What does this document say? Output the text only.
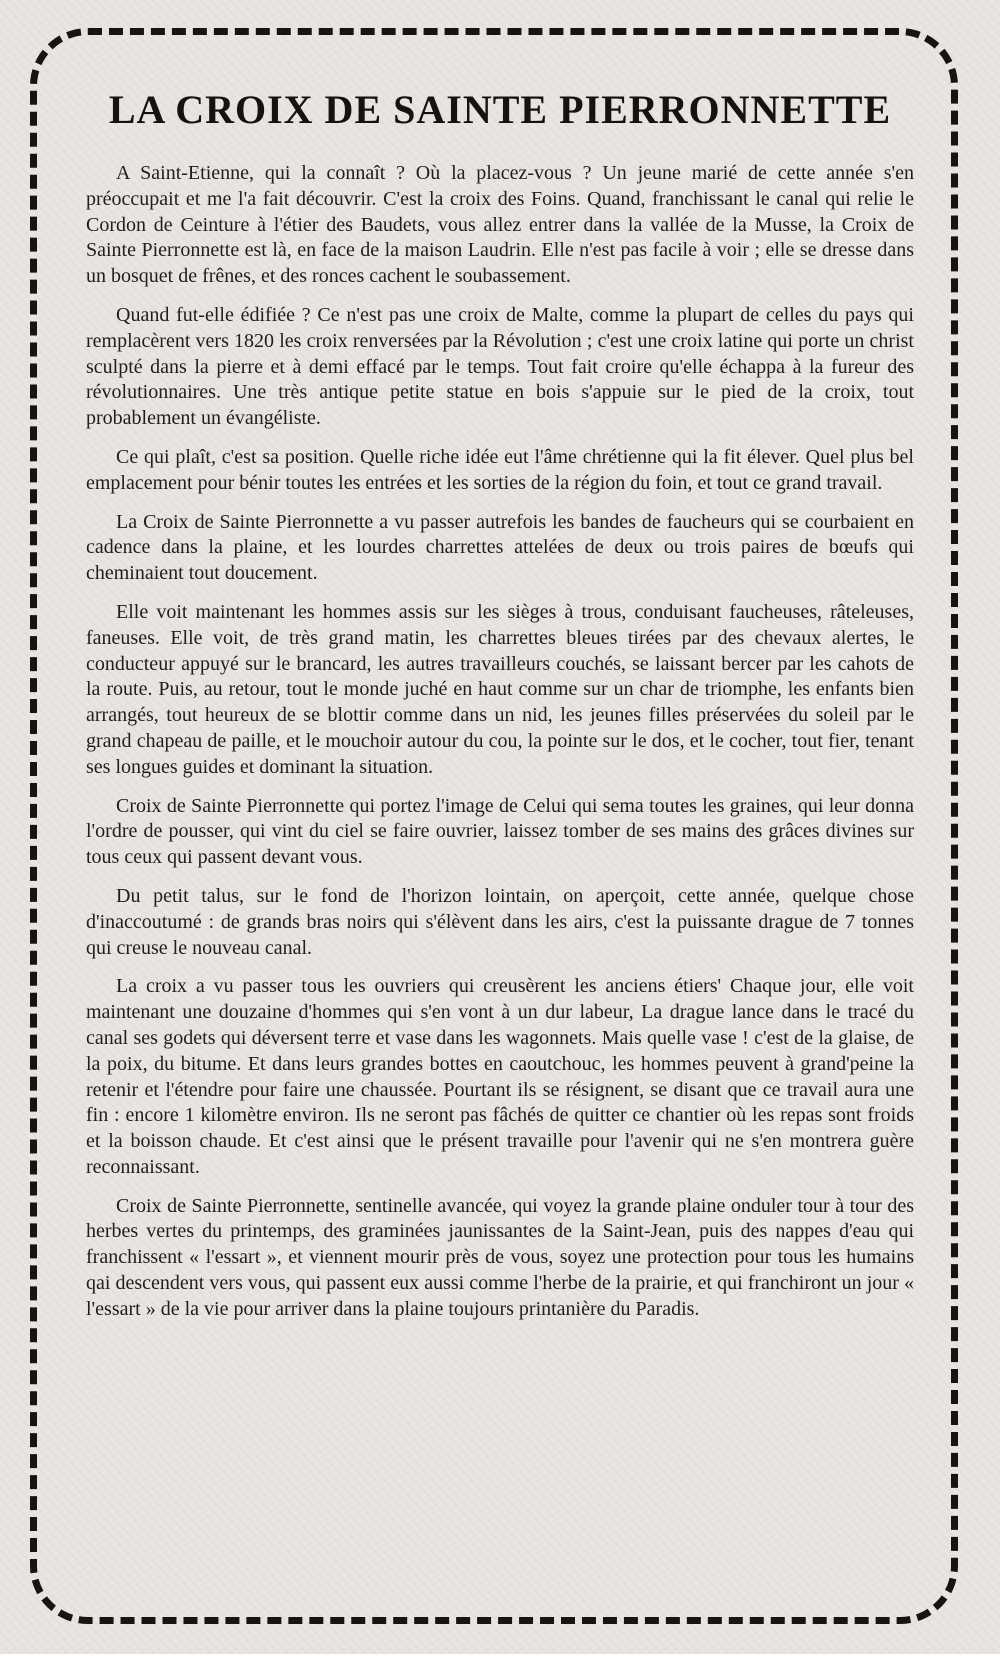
LA CROIX DE SAINTE PIERRONNETTE

A Saint-Etienne, qui la connaît ? Où la placez-vous ? Un jeune marié de cette année s'en préoccupait et me l'a fait découvrir. C'est la croix des Foins. Quand, franchissant le canal qui relie le Cordon de Ceinture à l'étier des Baudets, vous allez entrer dans la vallée de la Musse, la Croix de Sainte Pierronnette est là, en face de la maison Laudrin. Elle n'est pas facile à voir ; elle se dresse dans un bosquet de frênes, et des ronces cachent le soubassement.

Quand fut-elle édifiée ? Ce n'est pas une croix de Malte, comme la plupart de celles du pays qui remplacèrent vers 1820 les croix renversées par la Révolution ; c'est une croix latine qui porte un christ sculpté dans la pierre et à demi effacé par le temps. Tout fait croire qu'elle échappa à la fureur des révolutionnaires. Une très antique petite statue en bois s'appuie sur le pied de la croix, tout probablement un évangéliste.

Ce qui plaît, c'est sa position. Quelle riche idée eut l'âme chrétienne qui la fit élever. Quel plus bel emplacement pour bénir toutes les entrées et les sorties de la région du foin, et tout ce grand travail.

La Croix de Sainte Pierronnette a vu passer autrefois les bandes de faucheurs qui se courbaient en cadence dans la plaine, et les lourdes charrettes attelées de deux ou trois paires de bœufs qui cheminaient tout doucement.

Elle voit maintenant les hommes assis sur les sièges à trous, conduisant faucheuses, râteleuses, faneuses. Elle voit, de très grand matin, les charrettes bleues tirées par des chevaux alertes, le conducteur appuyé sur le brancard, les autres travailleurs couchés, se laissant bercer par les cahots de la route. Puis, au retour, tout le monde juché en haut comme sur un char de triomphe, les enfants bien arrangés, tout heureux de se blottir comme dans un nid, les jeunes filles préservées du soleil par le grand chapeau de paille, et le mouchoir autour du cou, la pointe sur le dos, et le cocher, tout fier, tenant ses longues guides et dominant la situation.

Croix de Sainte Pierronnette qui portez l'image de Celui qui sema toutes les graines, qui leur donna l'ordre de pousser, qui vint du ciel se faire ouvrier, laissez tomber de ses mains des grâces divines sur tous ceux qui passent devant vous.

Du petit talus, sur le fond de l'horizon lointain, on aperçoit, cette année, quelque chose d'inaccoutumé : de grands bras noirs qui s'élèvent dans les airs, c'est la puissante drague de 7 tonnes qui creuse le nouveau canal.

La croix a vu passer tous les ouvriers qui creusèrent les anciens étiers' Chaque jour, elle voit maintenant une douzaine d'hommes qui s'en vont à un dur labeur, La drague lance dans le tracé du canal ses godets qui déversent terre et vase dans les wagonnets. Mais quelle vase ! c'est de la glaise, de la poix, du bitume. Et dans leurs grandes bottes en caoutchouc, les hommes peuvent à grand'peine la retenir et l'étendre pour faire une chaussée. Pourtant ils se résignent, se disant que ce travail aura une fin : encore 1 kilomètre environ. Ils ne seront pas fâchés de quitter ce chantier où les repas sont froids et la boisson chaude. Et c'est ainsi que le présent travaille pour l'avenir qui ne s'en montrera guère reconnaissant.

Croix de Sainte Pierronnette, sentinelle avancée, qui voyez la grande plaine onduler tour à tour des herbes vertes du printemps, des graminées jaunissantes de la Saint-Jean, puis des nappes d'eau qui franchissent « l'essart », et viennent mourir près de vous, soyez une protection pour tous les humains qai descendent vers vous, qui passent eux aussi comme l'herbe de la prairie, et qui franchiront un jour « l'essart » de la vie pour arriver dans la plaine toujours printanière du Paradis.
